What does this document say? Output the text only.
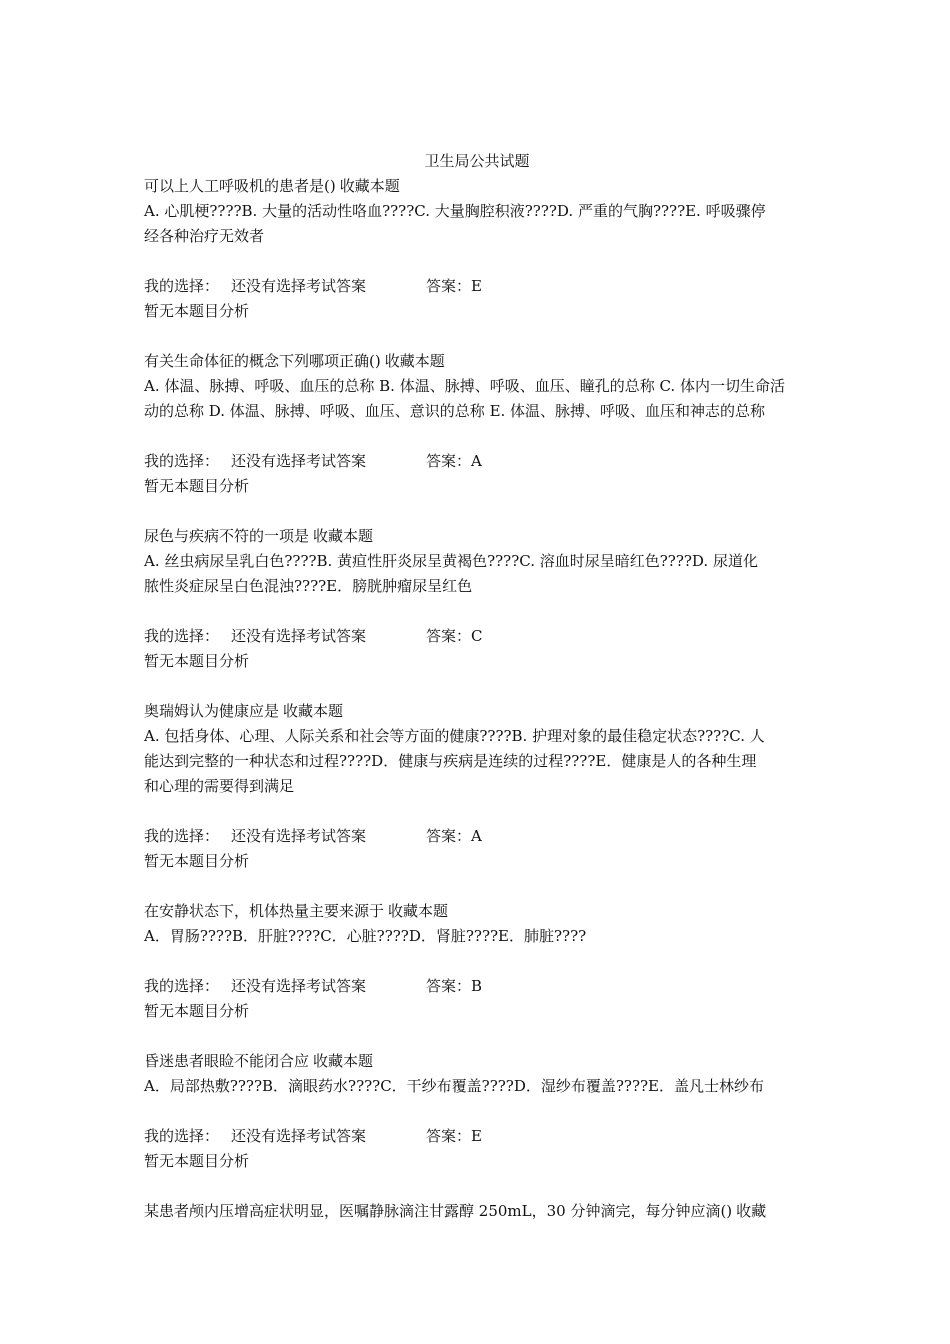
卫生局公共试题
可以上人工呼吸机的患者是() 收藏本题
A. 心肌梗????B. 大量的活动性咯血????C. 大量胸腔积液????D. 严重的气胸????E. 呼吸骤停
经各种治疗无效者
我的选择： 还没有选择考试答案	答案：E
暂无本题目分析
有关生命体征的概念下列哪项正确() 收藏本题
A. 体温、脉搏、呼吸、血压的总称 B. 体温、脉搏、呼吸、血压、瞳孔的总称 C. 体内一切生命活
动的总称 D. 体温、脉搏、呼吸、血压、意识的总称 E. 体温、脉搏、呼吸、血压和神志的总称
我的选择： 还没有选择考试答案	答案：A
暂无本题目分析
尿色与疾病不符的一项是 收藏本题
A. 丝虫病尿呈乳白色????B. 黄疸性肝炎尿呈黄褐色????C. 溶血时尿呈暗红色????D. 尿道化
脓性炎症尿呈白色混浊????E．膀胱肿瘤尿呈红色
我的选择： 还没有选择考试答案	答案：C
暂无本题目分析
奥瑞姆认为健康应是 收藏本题
A. 包括身体、心理、人际关系和社会等方面的健康????B. 护理对象的最佳稳定状态????C. 人
能达到完整的一种状态和过程????D．健康与疾病是连续的过程????E．健康是人的各种生理
和心理的需要得到满足
我的选择： 还没有选择考试答案	答案：A
暂无本题目分析
在安静状态下，机体热量主要来源于 收藏本题
A．胃肠????B．肝脏????C．心脏????D．肾脏????E．肺脏????
我的选择： 还没有选择考试答案	答案：B
暂无本题目分析
昏迷患者眼睑不能闭合应 收藏本题
A．局部热敷????B．滴眼药水????C．干纱布覆盖????D．湿纱布覆盖????E．盖凡士林纱布
我的选择： 还没有选择考试答案	答案：E
暂无本题目分析
某患者颅内压增高症状明显，医嘱静脉滴注甘露醇 250mL，30 分钟滴完，每分钟应滴() 收藏
